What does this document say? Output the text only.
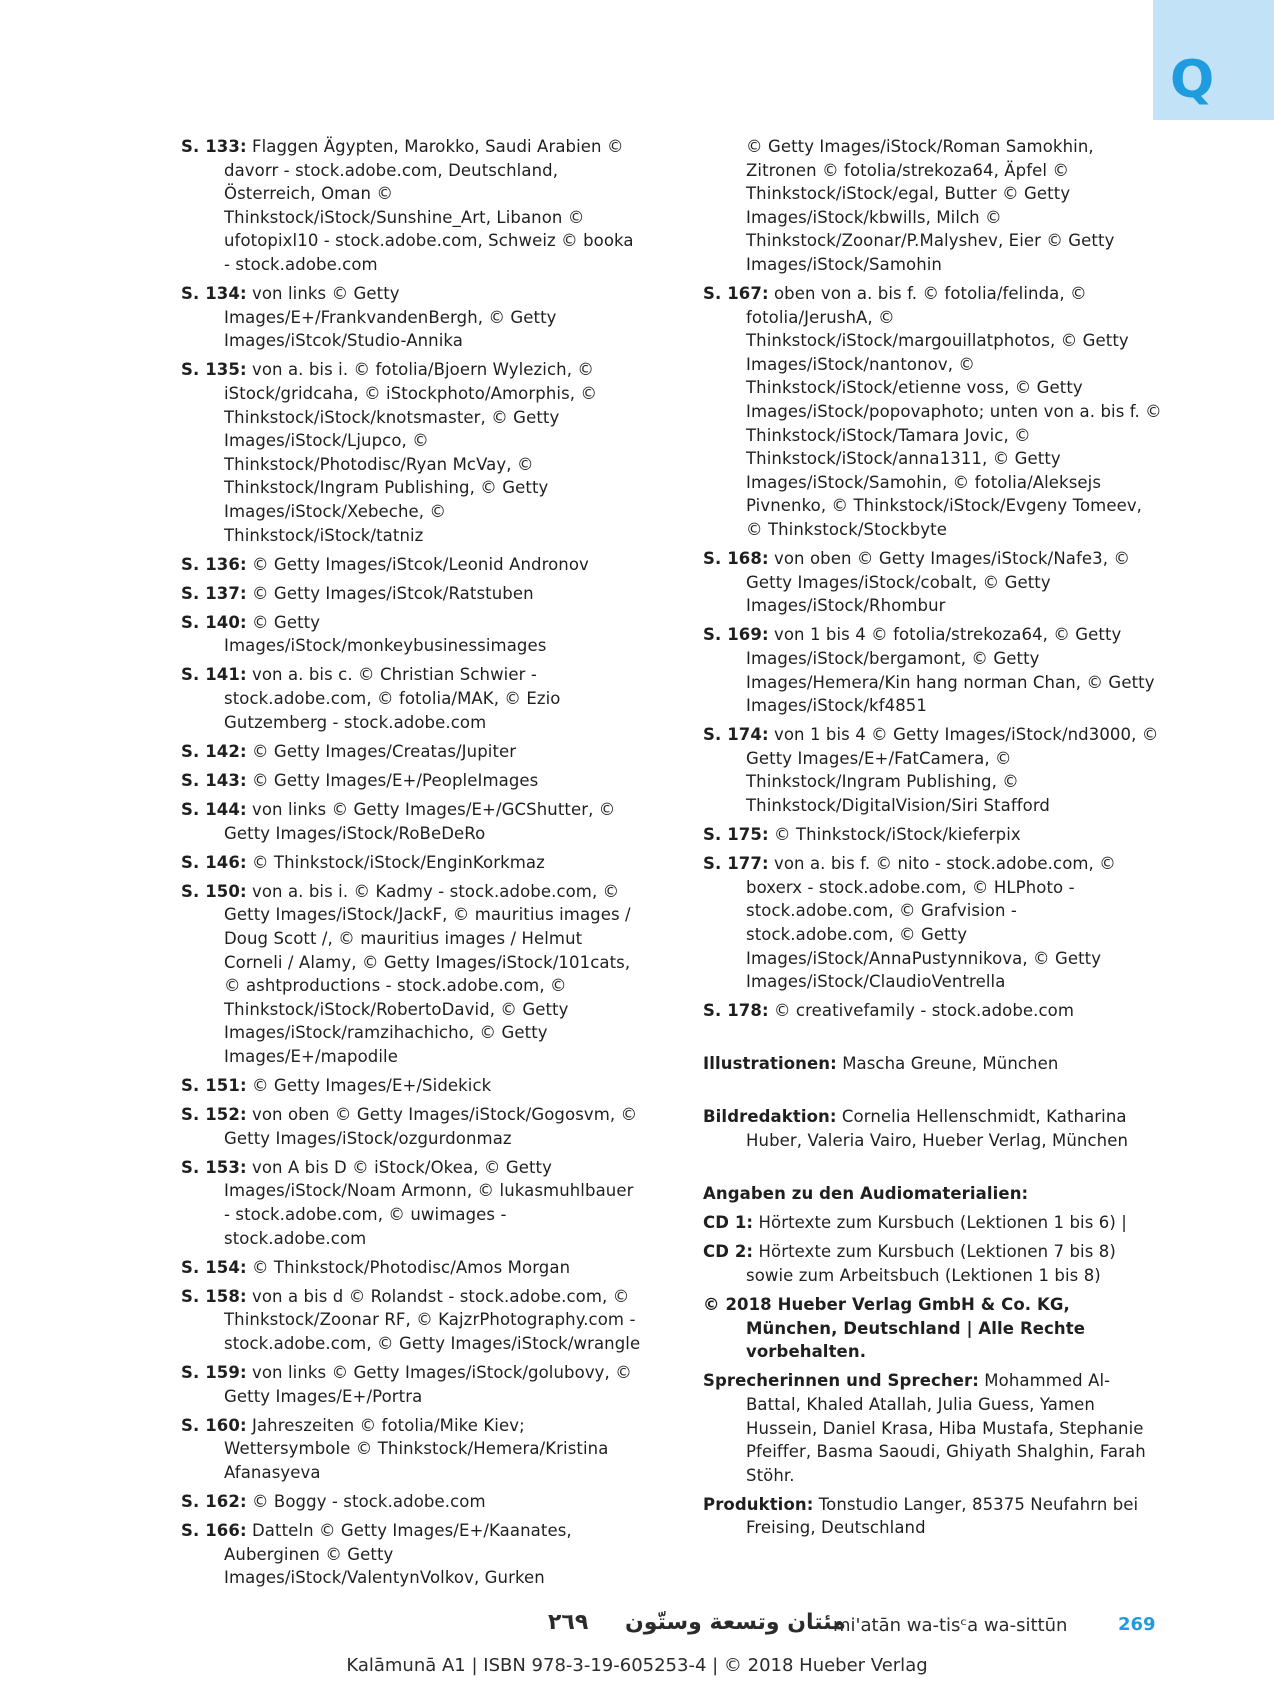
Q
S. 133: Flaggen Ägypten, Marokko, Saudi Arabien © davorr - stock.adobe.com, Deutschland, Österreich, Oman © Thinkstock/iStock/Sunshine_Art, Libanon © ufotopixl10 - stock.adobe.com, Schweiz © booka - stock.adobe.com
S. 134: von links © Getty Images/E+/FrankvandenBergh, © Getty Images/iStcok/Studio-Annika
S. 135: von a. bis i. © fotolia/Bjoern Wylezich, © iStock/gridcaha, © iStockphoto/Amorphis, © Thinkstock/iStock/knotsmaster, © Getty Images/iStock/Ljupco, © Thinkstock/Photodisc/Ryan McVay, © Thinkstock/Ingram Publishing, © Getty Images/iStock/Xebeche, © Thinkstock/iStock/tatniz
S. 136: © Getty Images/iStcok/Leonid Andronov
S. 137: © Getty Images/iStcok/Ratstuben
S. 140: © Getty Images/iStock/monkeybusinessimages
S. 141: von a. bis c. © Christian Schwier - stock.adobe.com, © fotolia/MAK, © Ezio Gutzemberg - stock.adobe.com
S. 142: © Getty Images/Creatas/Jupiter
S. 143: © Getty Images/E+/PeopleImages
S. 144: von links © Getty Images/E+/GCShutter, © Getty Images/iStock/RoBeDeRo
S. 146: © Thinkstock/iStock/EnginKorkmaz
S. 150: von a. bis i. © Kadmy - stock.adobe.com, © Getty Images/iStock/JackF, © mauritius images / Doug Scott /, © mauritius images / Helmut Corneli / Alamy, © Getty Images/iStock/101cats, © ashtproductions - stock.adobe.com, © Thinkstock/iStock/RobertoDavid, © Getty Images/iStock/ramzihachicho, © Getty Images/E+/mapodile
S. 151: © Getty Images/E+/Sidekick
S. 152: von oben © Getty Images/iStock/Gogosvm, © Getty Images/iStock/ozgurdonmaz
S. 153: von A bis D © iStock/Okea, © Getty Images/iStock/Noam Armonn, © lukasmuhlbauer - stock.adobe.com, © uwimages - stock.adobe.com
S. 154: © Thinkstock/Photodisc/Amos Morgan
S. 158: von a bis d © Rolandst - stock.adobe.com, © Thinkstock/Zoonar RF, © KajzrPhotography.com - stock.adobe.com, © Getty Images/iStock/wrangle
S. 159: von links © Getty Images/iStock/golubovy, © Getty Images/E+/Portra
S. 160: Jahreszeiten © fotolia/Mike Kiev; Wettersymbole © Thinkstock/Hemera/Kristina Afanasyeva
S. 162: © Boggy - stock.adobe.com
S. 166: Datteln © Getty Images/E+/Kaanates, Auberginen © Getty Images/iStock/ValentynVolkov, Gurken
© Getty Images/iStock/Roman Samokhin, Zitronen © fotolia/strekoza64, Äpfel © Thinkstock/iStock/egal, Butter © Getty Images/iStock/kbwills, Milch © Thinkstock/Zoonar/P.Malyshev, Eier © Getty Images/iStock/Samohin
S. 167: oben von a. bis f. © fotolia/felinda, © fotolia/JerushA, © Thinkstock/iStock/margouillatphotos, © Getty Images/iStock/nantonov, © Thinkstock/iStock/etienne voss, © Getty Images/iStock/popovaphoto; unten von a. bis f. © Thinkstock/iStock/Tamara Jovic, © Thinkstock/iStock/anna1311, © Getty Images/iStock/Samohin, © fotolia/Aleksejs Pivnenko, © Thinkstock/iStock/Evgeny Tomeev, © Thinkstock/Stockbyte
S. 168: von oben © Getty Images/iStock/Nafe3, © Getty Images/iStock/cobalt, © Getty Images/iStock/Rhombur
S. 169: von 1 bis 4 © fotolia/strekoza64, © Getty Images/iStock/bergamont, © Getty Images/Hemera/Kin hang norman Chan, © Getty Images/iStock/kf4851
S. 174: von 1 bis 4 © Getty Images/iStock/nd3000, © Getty Images/E+/FatCamera, © Thinkstock/Ingram Publishing, © Thinkstock/DigitalVision/Siri Stafford
S. 175: © Thinkstock/iStock/kieferpix
S. 177: von a. bis f. © nito - stock.adobe.com, © boxerx - stock.adobe.com, © HLPhoto - stock.adobe.com, © Grafvision - stock.adobe.com, © Getty Images/iStock/AnnaPustynnikova, © Getty Images/iStock/ClaudioVentrella
S. 178: © creativefamily - stock.adobe.com
Illustrationen: Mascha Greune, München
Bildredaktion: Cornelia Hellenschmidt, Katharina Huber, Valeria Vairo, Hueber Verlag, München
Angaben zu den Audiomaterialien:
CD 1: Hörtexte zum Kursbuch (Lektionen 1 bis 6) |
CD 2: Hörtexte zum Kursbuch (Lektionen 7 bis 8) sowie zum Arbeitsbuch (Lektionen 1 bis 8)
© 2018 Hueber Verlag GmbH & Co. KG, München, Deutschland | Alle Rechte vorbehalten.
Sprecherinnen und Sprecher: Mohammed Al-Battal, Khaled Atallah, Julia Guess, Yamen Hussein, Daniel Krasa, Hiba Mustafa, Stephanie Pfeiffer, Basma Saoudi, Ghiyath Shalghin, Farah Stöhr.
Produktion: Tonstudio Langer, 85375 Neufahrn bei Freising, Deutschland
٢٦٩ مئتان وتسعة وستّون
mi'atān wa-tisᶜa wa-sittūn	269
Kalāmunā A1 | ISBN 978-3-19-605253-4 | © 2018 Hueber Verlag
